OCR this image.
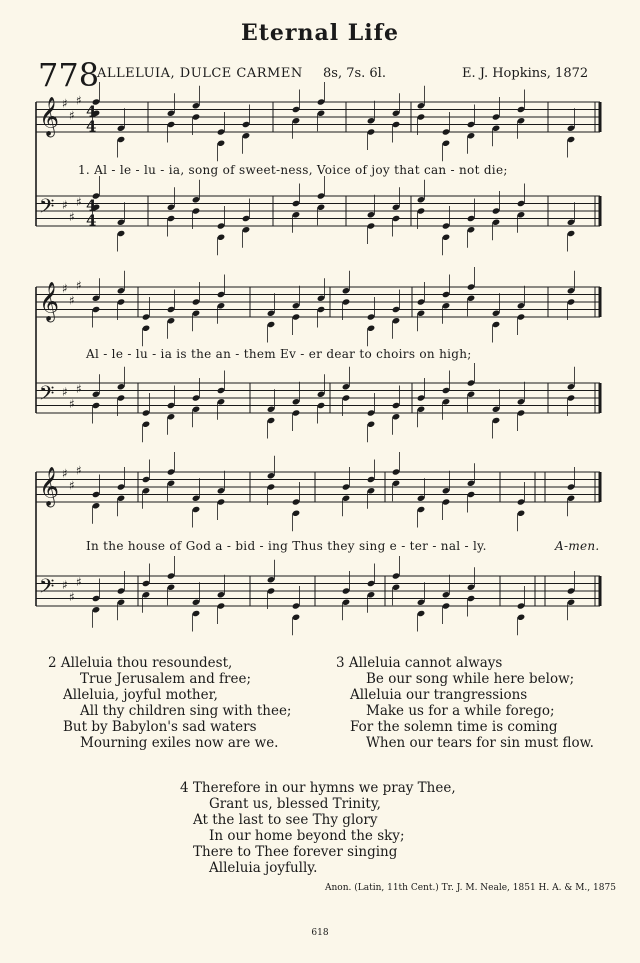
Eternal Life
778
ALLELUIA, DULCE CARMEN 8s, 7s. 6l.	E. J. Hopkins, 1872
𝄞 ♯
♯
♯
𝄢 ♯
♯
♯
4
4
4
4
𝄞 ♯
♯
♯
𝄢 ♯
♯
♯
𝄞 ♯
♯
♯
𝄢 ♯
♯
♯
1. Al - le - lu - ia, song of sweet-ness, Voice of joy that can - not die;
Al - le - lu - ia is the an - them Ev - er dear to choirs on high;
In the house of God a - bid - ing Thus they sing e - ter - nal - ly.	A-men.
2 Alleluia thou resoundest,
True Jerusalem and free;
Alleluia, joyful mother,
All thy children sing with thee;
But by Babylon's sad waters
Mourning exiles now are we.
3 Alleluia cannot always
Be our song while here below;
Alleluia our trangressions
Make us for a while forego;
For the solemn time is coming
When our tears for sin must flow.
4 Therefore in our hymns we pray Thee,
Grant us, blessed Trinity,
At the last to see Thy glory
In our home beyond the sky;
There to Thee forever singing
Alleluia joyfully.
Anon. (Latin, 11th Cent.) Tr. J. M. Neale, 1851 H. A. & M., 1875
618
